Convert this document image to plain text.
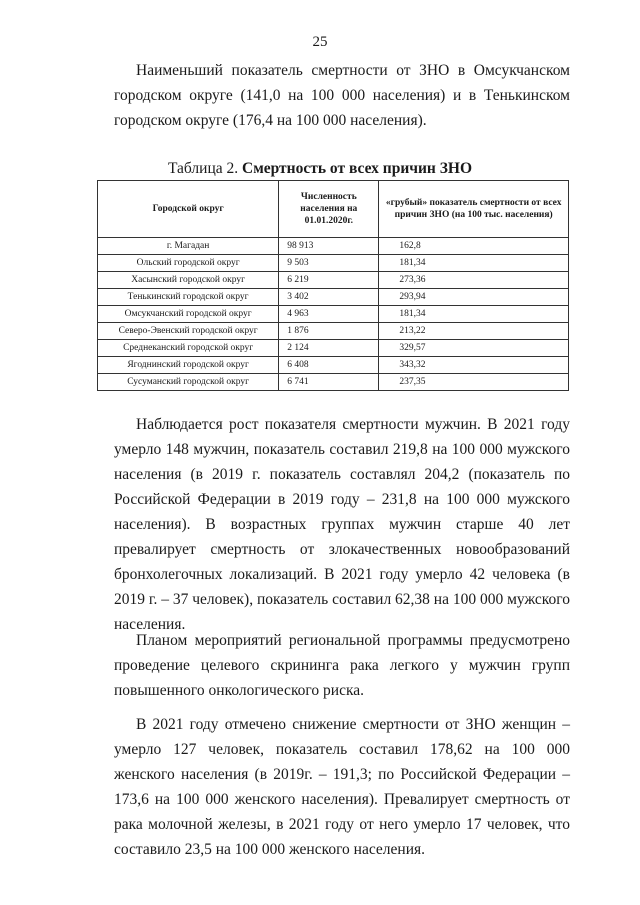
25

Наименьший показатель смертности от ЗНО в Омсукчанском городском округе (141,0 на 100 000 населения) и в Тенькинском городском округе (176,4 на 100 000 населения).

Таблица 2. Смертность от всех причин ЗНО
Городской округ	Численность населения на 01.01.2020г.	«грубый» показатель смертности от всех причин ЗНО (на 100 тыс. населения)
г. Магадан	98 913	162,8
Ольский городской округ	9 503	181,34
Хасынский городской округ	6 219	273,36
Тенькинский городской округ	3 402	293,94
Омсукчанский городской округ	4 963	181,34
Северо-Эвенский городской округ	1 876	213,22
Среднеканский городской округ	2 124	329,57
Ягоднинский городской округ	6 408	343,32
Сусуманский городской округ	6 741	237,35

Наблюдается рост показателя смертности мужчин. В 2021 году умерло 148 мужчин, показатель составил 219,8 на 100 000 мужского населения (в 2019 г. показатель составлял 204,2 (показатель по Российской Федерации в 2019 году – 231,8 на 100 000 мужского населения). В возрастных группах мужчин старше 40 лет превалирует смертность от злокачественных новообразований бронхолегочных локализаций. В 2021 году умерло 42 человека (в 2019 г. – 37 человек), показатель составил 62,38 на 100 000 мужского населения.

Планом мероприятий региональной программы предусмотрено проведение целевого скрининга рака легкого у мужчин групп повышенного онкологического риска.

В 2021 году отмечено снижение смертности от ЗНО женщин – умерло 127 человек, показатель составил 178,62 на 100 000 женского населения (в 2019г. – 191,3; по Российской Федерации – 173,6 на 100 000 женского населения). Превалирует смертность от рака молочной железы, в 2021 году от него умерло 17 человек, что составило 23,5 на 100 000 женского населения.
